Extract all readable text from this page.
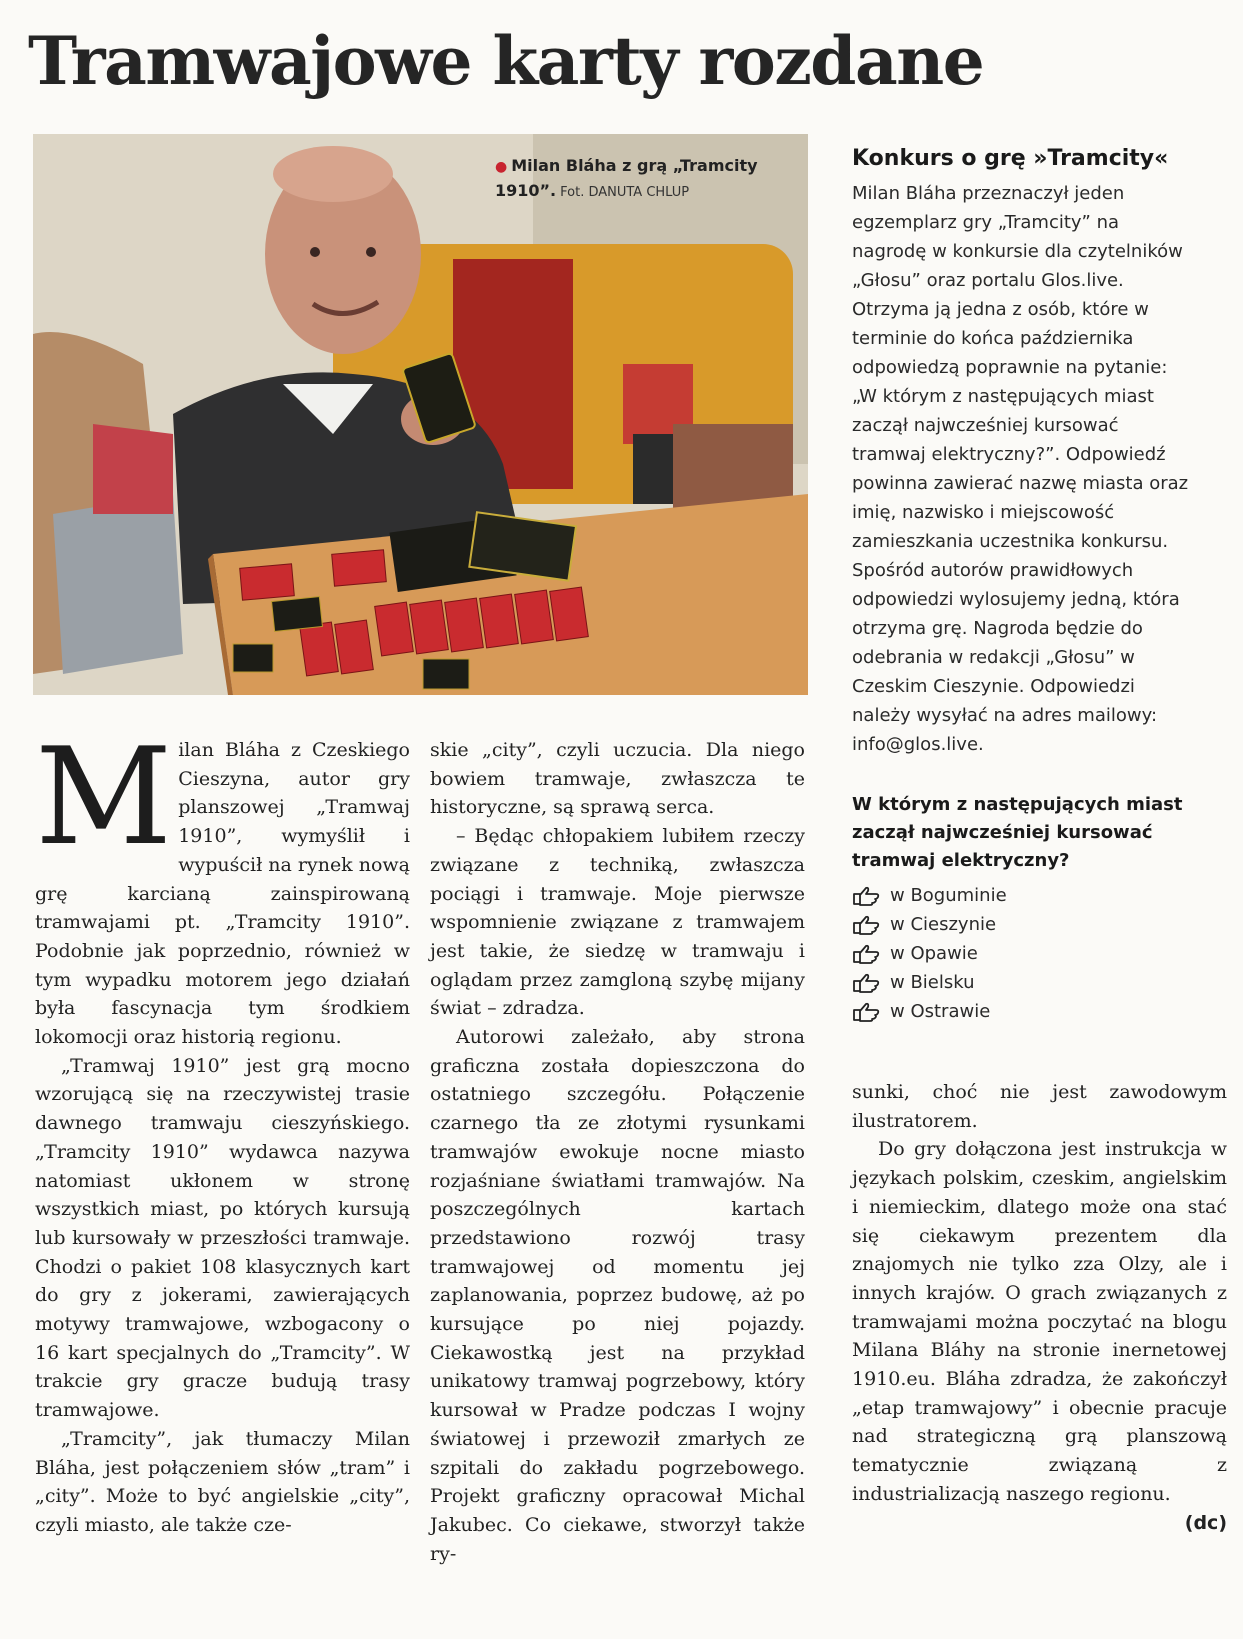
Tramwajowe karty rozdane
● Milan Bláha z grą „Tramcity 1910”. Fot. DANUTA CHLUP

Milan Bláha z Czeskiego Cieszyna, autor gry planszowej „Tramwaj 1910”, wymyślił i wypuścił na rynek nową grę karcianą zainspirowaną tramwajami pt. „Tramcity 1910”. Podobnie jak poprzednio, również w tym wypadku motorem jego działań była fascynacja tym środkiem lokomocji oraz historią regionu.

„Tramwaj 1910” jest grą mocno wzorującą się na rzeczywistej trasie dawnego tramwaju cieszyńskiego. „Tramcity 1910” wydawca nazywa natomiast ukłonem w stronę wszystkich miast, po których kursują lub kursowały w przeszłości tramwaje. Chodzi o pakiet 108 klasycznych kart do gry z jokerami, zawierających motywy tramwajowe, wzbogacony o 16 kart specjalnych do „Tramcity”. W trakcie gry gracze budują trasy tramwajowe.

„Tramcity”, jak tłumaczy Milan Bláha, jest połączeniem słów „tram” i „city”. Może to być angielskie „city”, czyli miasto, ale także cze-

skie „city”, czyli uczucia. Dla niego bowiem tramwaje, zwłaszcza te historyczne, są sprawą serca.

– Będąc chłopakiem lubiłem rzeczy związane z techniką, zwłaszcza pociągi i tramwaje. Moje pierwsze wspomnienie związane z tramwajem jest takie, że siedzę w tramwaju i oglądam przez zamgloną szybę mijany świat – zdradza.

Autorowi zależało, aby strona graficzna została dopieszczona do ostatniego szczegółu. Połączenie czarnego tła ze złotymi rysunkami tramwajów ewokuje nocne miasto rozjaśniane światłami tramwajów. Na poszczególnych kartach przedstawiono rozwój trasy tramwajowej od momentu jej zaplanowania, poprzez budowę, aż po kursujące po niej pojazdy. Ciekawostką jest na przykład unikatowy tramwaj pogrzebowy, który kursował w Pradze podczas I wojny światowej i przewoził zmarłych ze szpitali do zakładu pogrzebowego. Projekt graficzny opracował Michal Jakubec. Co ciekawe, stworzył także ry-

sunki, choć nie jest zawodowym ilustratorem.

Do gry dołączona jest instrukcja w językach polskim, czeskim, angielskim i niemieckim, dlatego może ona stać się ciekawym prezentem dla znajomych nie tylko zza Olzy, ale i innych krajów. O grach związanych z tramwajami można poczytać na blogu Milana Bláhy na stronie inernetowej 1910.eu. Bláha zdradza, że zakończył „etap tramwajowy” i obecnie pracuje nad strategiczną grą planszową tematycznie związaną z industrializacją naszego regionu.

(dc)

Konkurs o grę »Tramcity«
Milan Bláha przeznaczył jeden egzemplarz gry „Tramcity” na nagrodę w konkursie dla czytelników „Głosu” oraz portalu Glos.live. Otrzyma ją jedna z osób, które w terminie do końca października odpowiedzą poprawnie na pytanie: „W którym z następujących miast zaczął najwcześniej kursować tramwaj elektryczny?”. Odpowiedź powinna zawierać nazwę miasta oraz imię, nazwisko i miejscowość zamieszkania uczestnika konkursu. Spośród autorów prawidłowych odpowiedzi wylosujemy jedną, która otrzyma grę. Nagroda będzie do odebrania w redakcji „Głosu” w Czeskim Cieszynie. Odpowiedzi należy wysyłać na adres mailowy: info@glos.live.
W którym z następujących miast zaczął najwcześniej kursować tramwaj elektryczny?
w Boguminie
w Cieszynie
w Opawie
w Bielsku
w Ostrawie
